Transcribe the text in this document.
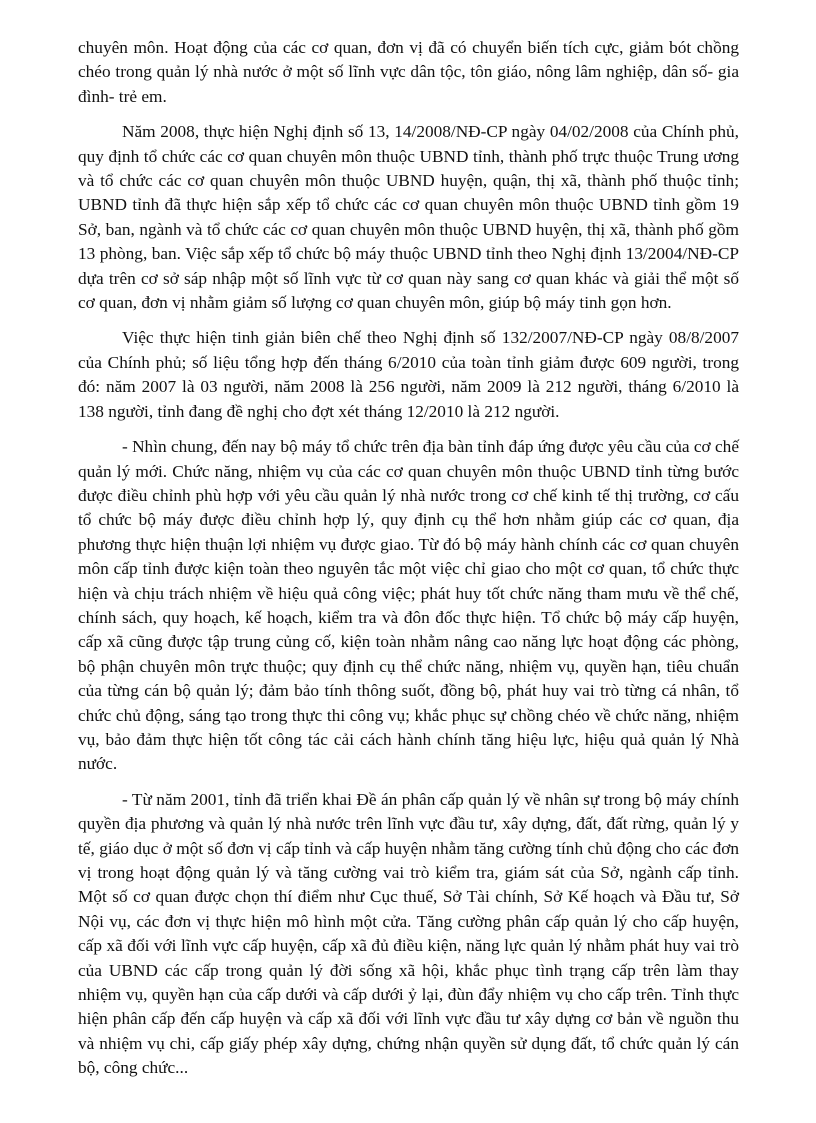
chuyên môn. Hoạt động của các cơ quan, đơn vị đã có chuyển biến tích cực, giảm bót chồng chéo trong quản lý nhà nước ở một số lĩnh vực dân tộc, tôn giáo, nông lâm nghiệp, dân số- gia đình- trẻ em.

Năm 2008, thực hiện Nghị định số 13, 14/2008/NĐ-CP ngày 04/02/2008 của Chính phủ, quy định tổ chức các cơ quan chuyên môn thuộc UBND tỉnh, thành phố trực thuộc Trung ương và tổ chức các cơ quan chuyên môn thuộc UBND huyện, quận, thị xã, thành phố thuộc tỉnh; UBND tỉnh đã thực hiện sắp xếp tổ chức các cơ quan chuyên môn thuộc UBND tỉnh gồm 19 Sở, ban, ngành và tổ chức các cơ quan chuyên môn thuộc UBND huyện, thị xã, thành phố gồm 13 phòng, ban. Việc sắp xếp tổ chức bộ máy thuộc UBND tỉnh theo Nghị định 13/2004/NĐ-CP dựa trên cơ sở sáp nhập một số lĩnh vực từ cơ quan này sang cơ quan khác và giải thể một số cơ quan, đơn vị nhằm giảm số lượng cơ quan chuyên môn, giúp bộ máy tinh gọn hơn.

Việc thực hiện tinh giản biên chế theo Nghị định số 132/2007/NĐ-CP ngày 08/8/2007 của Chính phủ; số liệu tổng hợp đến tháng 6/2010 của toàn tỉnh giảm được 609 người, trong đó: năm 2007 là 03 người, năm 2008 là 256 người, năm 2009 là 212 người, tháng 6/2010 là 138 người, tỉnh đang đề nghị cho đợt xét tháng 12/2010 là 212 người.

- Nhìn chung, đến nay bộ máy tổ chức trên địa bàn tỉnh đáp ứng được yêu cầu của cơ chế quản lý mới. Chức năng, nhiệm vụ của các cơ quan chuyên môn thuộc UBND tỉnh từng bước được điều chỉnh phù hợp với yêu cầu quản lý nhà nước trong cơ chế kinh tế thị trường, cơ cấu tổ chức bộ máy được điều chỉnh hợp lý, quy định cụ thể hơn nhằm giúp các cơ quan, địa phương thực hiện thuận lợi nhiệm vụ được giao. Từ đó bộ máy hành chính các cơ quan chuyên môn cấp tỉnh được kiện toàn theo nguyên tắc một việc chỉ giao cho một cơ quan, tổ chức thực hiện và chịu trách nhiệm về hiệu quả công việc; phát huy tốt chức năng tham mưu về thể chế, chính sách, quy hoạch, kế hoạch, kiểm tra và đôn đốc thực hiện. Tổ chức bộ máy cấp huyện, cấp xã cũng được tập trung củng cố, kiện toàn nhằm nâng cao năng lực hoạt động các phòng, bộ phận chuyên môn trực thuộc; quy định cụ thể chức năng, nhiệm vụ, quyền hạn, tiêu chuẩn của từng cán bộ quản lý; đảm bảo tính thông suốt, đồng bộ, phát huy vai trò từng cá nhân, tổ chức chủ động, sáng tạo trong thực thi công vụ; khắc phục sự chồng chéo về chức năng, nhiệm vụ, bảo đảm thực hiện tốt công tác cải cách hành chính tăng hiệu lực, hiệu quả quản lý Nhà nước.

- Từ năm 2001, tỉnh đã triển khai Đề án phân cấp quản lý về nhân sự trong bộ máy chính quyền địa phương và quản lý nhà nước trên lĩnh vực đầu tư, xây dựng, đất, đất rừng, quản lý y tế, giáo dục ở một số đơn vị cấp tỉnh và cấp huyện nhằm tăng cường tính chủ động cho các đơn vị trong hoạt động quản lý và tăng cường vai trò kiểm tra, giám sát của Sở, ngành cấp tỉnh. Một số cơ quan được chọn thí điểm như Cục thuế, Sở Tài chính, Sở Kế hoạch và Đầu tư, Sở Nội vụ, các đơn vị thực hiện mô hình một cửa. Tăng cường phân cấp quản lý cho cấp huyện, cấp xã đối với lĩnh vực cấp huyện, cấp xã đủ điều kiện, năng lực quản lý nhằm phát huy vai trò của UBND các cấp trong quản lý đời sống xã hội, khắc phục tình trạng cấp trên làm thay nhiệm vụ, quyền hạn của cấp dưới và cấp dưới ỷ lại, đùn đẩy nhiệm vụ cho cấp trên. Tỉnh thực hiện phân cấp đến cấp huyện và cấp xã đối với lĩnh vực đầu tư xây dựng cơ bản về nguồn thu và nhiệm vụ chi, cấp giấy phép xây dựng, chứng nhận quyền sử dụng đất, tổ chức quản lý cán bộ, công chức...
